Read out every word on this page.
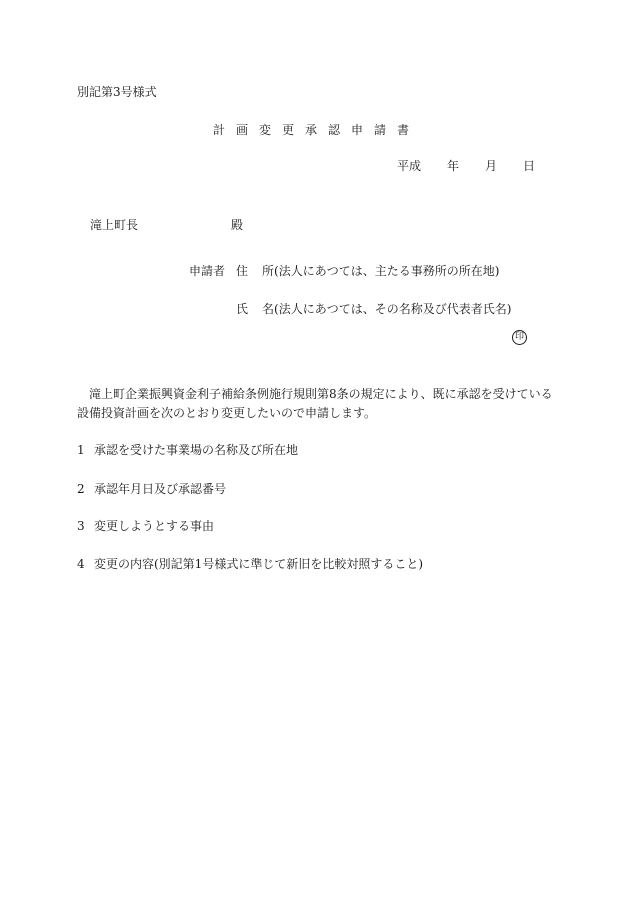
別記第3号様式
計画変更承認申請書
平成 年 月 日
滝上町長	殿
申請者 住 所(法人にあつては、主たる事務所の所在地)
氏 名(法人にあつては、その名称及び代表者氏名)
印
滝上町企業振興資金利子補給条例施行規則第8条の規定により、既に承認を受けている設備投資計画を次のとおり変更したいので申請します。
1 承認を受けた事業場の名称及び所在地
2 承認年月日及び承認番号
3 変更しようとする事由
4 変更の内容(別記第1号様式に準じて新旧を比較対照すること)
